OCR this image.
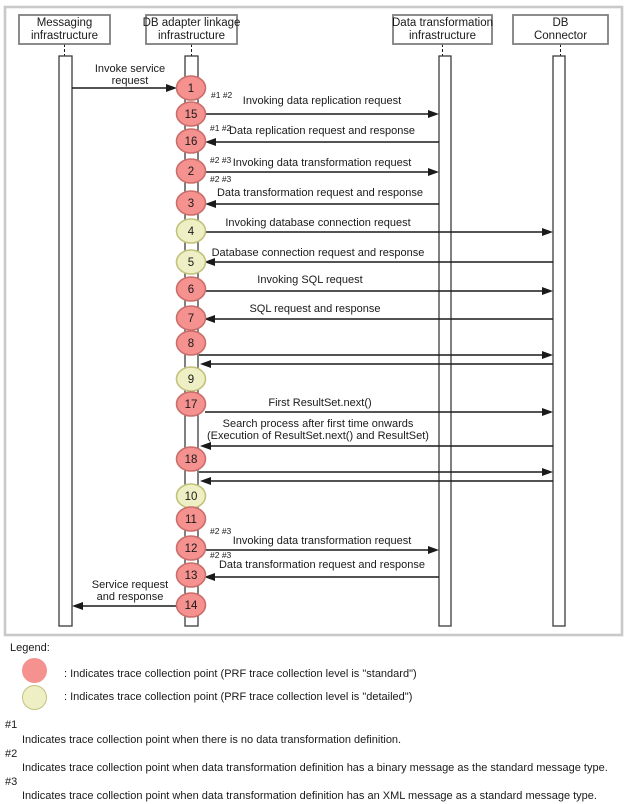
Messaging
infrastructure
DB adapter linkage
infrastructure
Data transformation
infrastructure
DB
Connector
1
15
16
2
3
4
5
6
7
8
9
17
18
10
11
12
13
14
Invoke service
request
Invoking data replication request
Data replication request and response
Invoking data transformation request
Data transformation request and response
Invoking database connection request
Database connection request and response
Invoking SQL request
SQL request and response
First ResultSet.next()
Search process after first time onwards
(Execution of ResultSet.next() and ResultSet)
Invoking data transformation request
Data transformation request and response
Service request
and response
#1 #2
#1 #2
#2 #3
#2 #3
#2 #3
#2 #3
Legend:
: Indicates trace collection point (PRF trace collection level is "standard")
: Indicates trace collection point (PRF trace collection level is "detailed")
#1
Indicates trace collection point when there is no data transformation definition.
#2
Indicates trace collection point when data transformation definition has a binary message as the standard message type.
#3
Indicates trace collection point when data transformation definition has an XML message as a standard message type.
